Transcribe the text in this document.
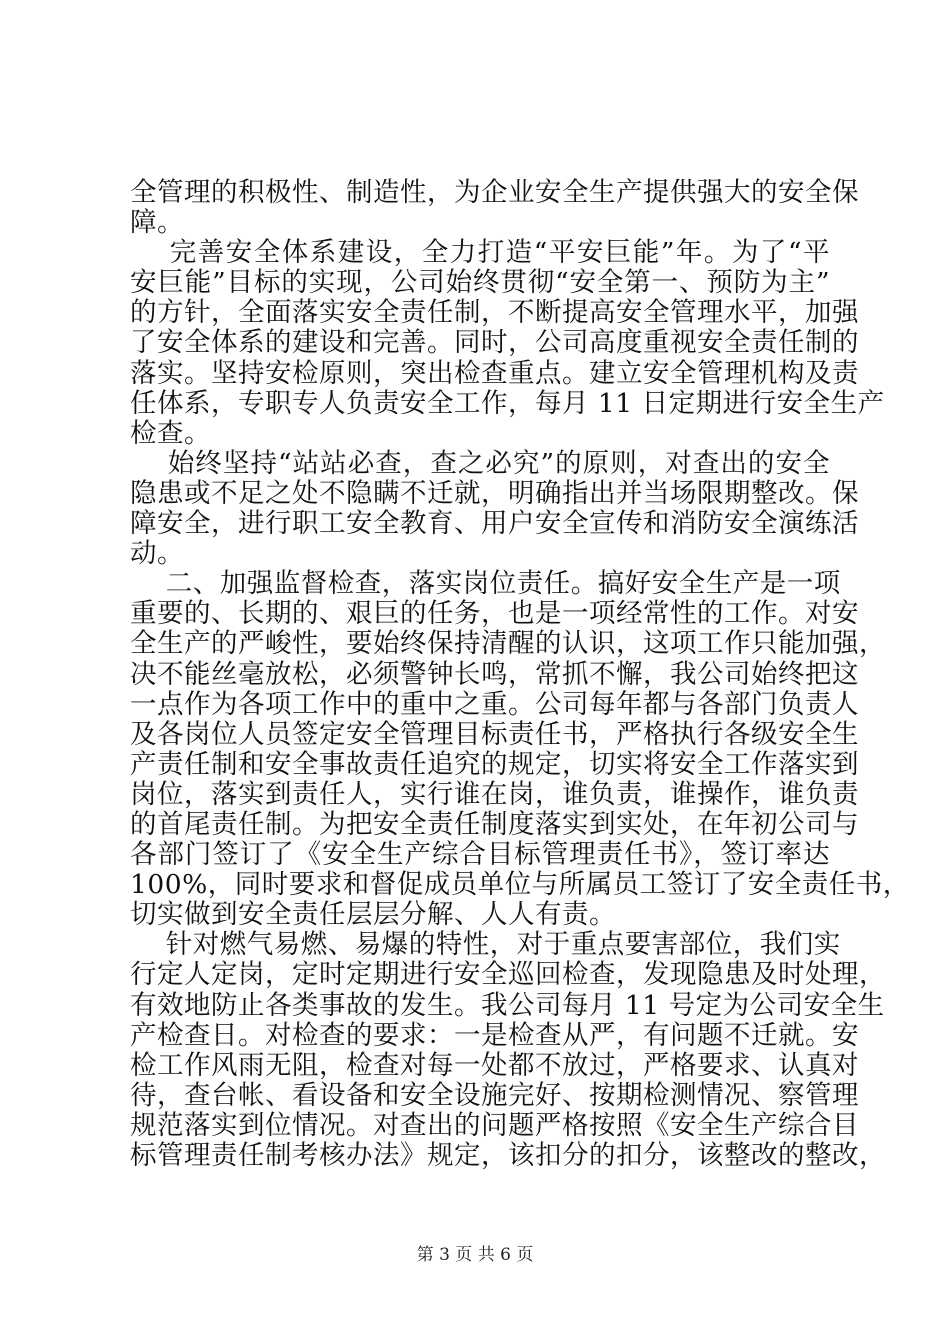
全管理的积极性、制造性，为企业安全生产提供强大的安全保
障。
完善安全体系建设，全力打造“平安巨能”年。为了“平
安巨能”目标的实现，公司始终贯彻“安全第一、预防为主”
的方针，全面落实安全责任制，不断提高安全管理水平，加强
了安全体系的建设和完善。同时，公司高度重视安全责任制的
落实。坚持安检原则，突出检查重点。建立安全管理机构及责
任体系，专职专人负责安全工作，每月 11 日定期进行安全生产
检查。
始终坚持“站站必查，查之必究”的原则，对查出的安全
隐患或不足之处不隐瞒不迁就，明确指出并当场限期整改。保
障安全，进行职工安全教育、用户安全宣传和消防安全演练活
动。
二、加强监督检查，落实岗位责任。搞好安全生产是一项
重要的、长期的、艰巨的任务，也是一项经常性的工作。对安
全生产的严峻性，要始终保持清醒的认识，这项工作只能加强，
决不能丝毫放松，必须警钟长鸣，常抓不懈，我公司始终把这
一点作为各项工作中的重中之重。公司每年都与各部门负责人
及各岗位人员签定安全管理目标责任书，严格执行各级安全生
产责任制和安全事故责任追究的规定，切实将安全工作落实到
岗位，落实到责任人，实行谁在岗，谁负责，谁操作，谁负责
的首尾责任制。为把安全责任制度落实到实处，在年初公司与
各部门签订了《安全生产综合目标管理责任书》，签订率达
100%，同时要求和督促成员单位与所属员工签订了安全责任书，
切实做到安全责任层层分解、人人有责。
针对燃气易燃、易爆的特性，对于重点要害部位，我们实
行定人定岗，定时定期进行安全巡回检查，发现隐患及时处理，
有效地防止各类事故的发生。我公司每月 11 号定为公司安全生
产检查日。对检查的要求：一是检查从严，有问题不迁就。安
检工作风雨无阻，检查对每一处都不放过，严格要求、认真对
待，查台帐、看设备和安全设施完好、按期检测情况、察管理
规范落实到位情况。对查出的问题严格按照《安全生产综合目
标管理责任制考核办法》规定，该扣分的扣分，该整改的整改，
第 3 页 共 6 页
